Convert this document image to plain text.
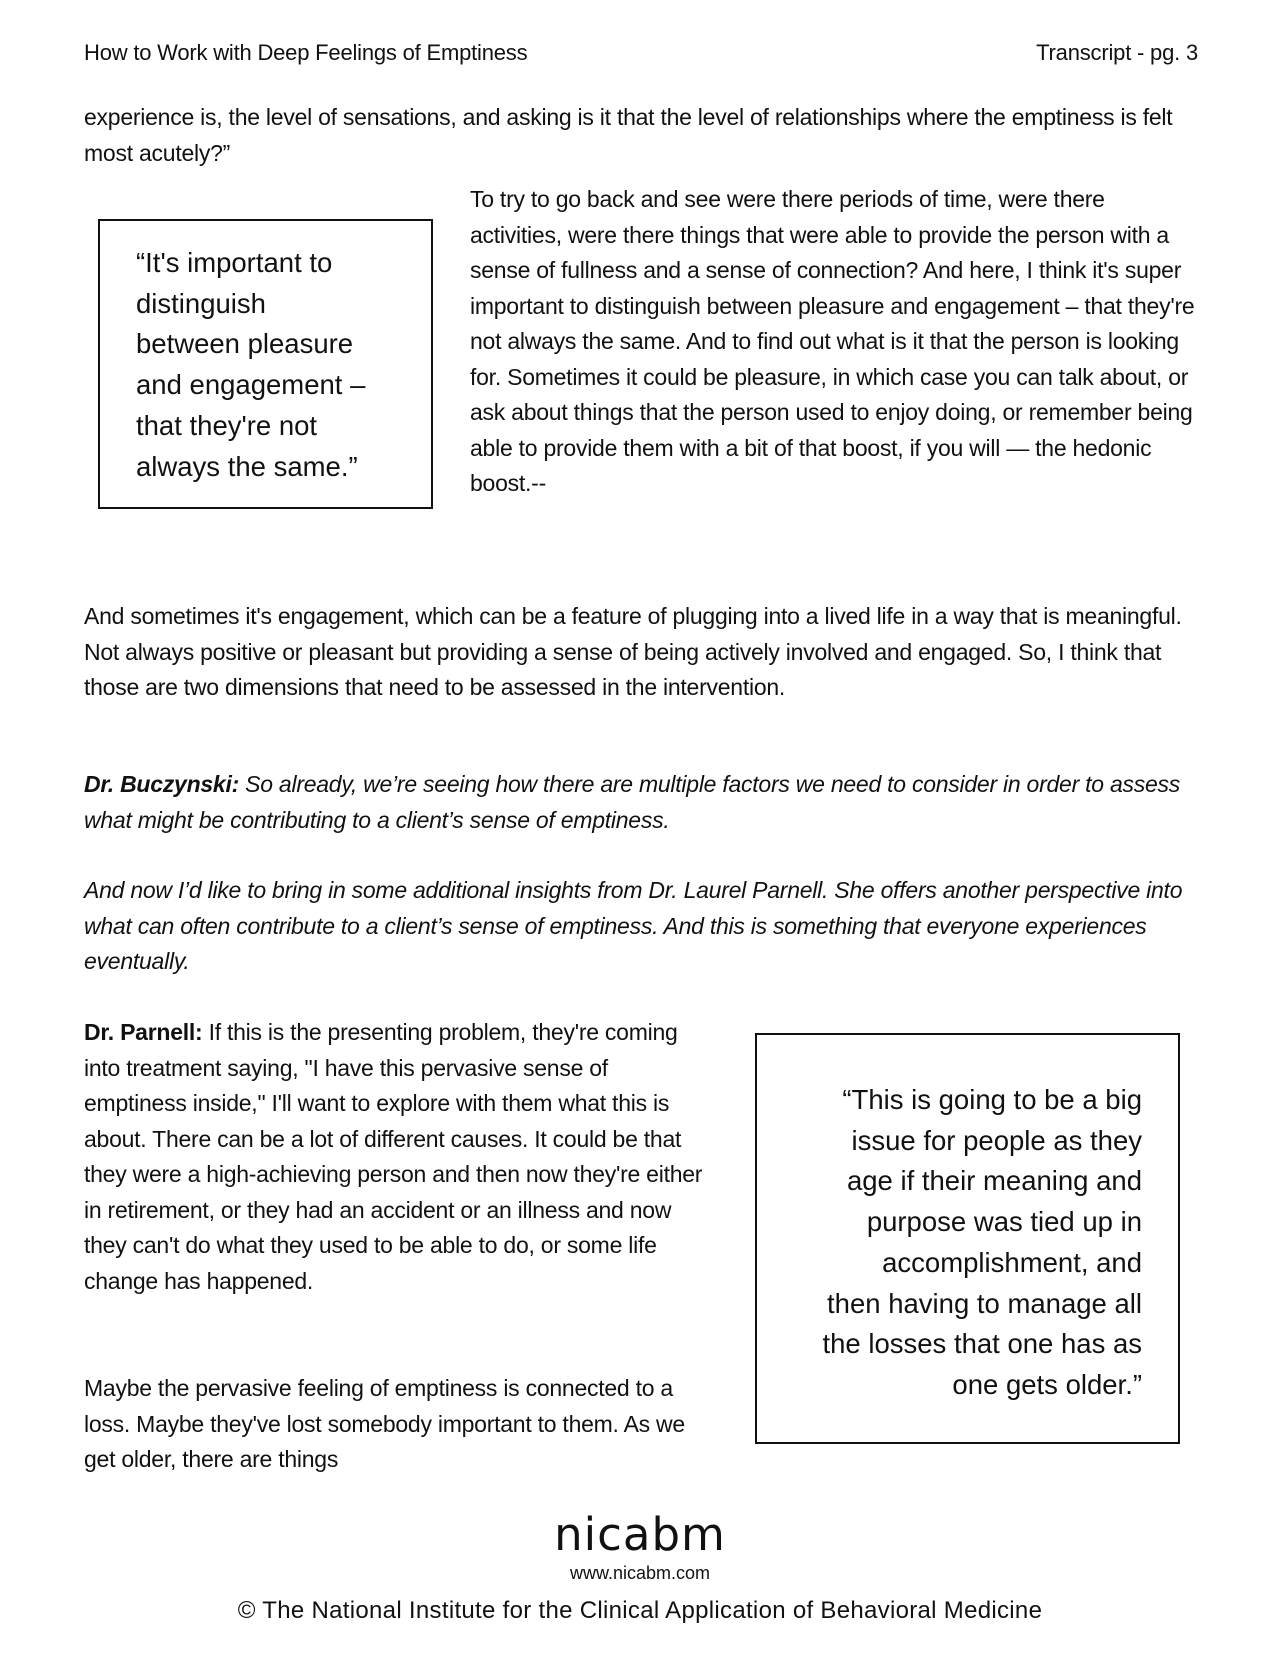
How to Work with Deep Feelings of Emptiness	Transcript - pg. 3

experience is, the level of sensations, and asking is it that the level of relationships where the emptiness is felt most acutely?”

“It's important to
distinguish
between pleasure
and engagement –
that they're not
always the same.”

To try to go back and see were there periods of time, were there activities, were there things that were able to provide the person with a sense of fullness and a sense of connection? And here, I think it's super important to distinguish between pleasure and engagement – that they're not always the same. And to find out what is it that the person is looking for. Sometimes it could be pleasure, in which case you can talk about, or ask about things that the person used to enjoy doing, or remember being able to provide them with a bit of that boost, if you will — the hedonic boost.--

And sometimes it's engagement, which can be a feature of plugging into a lived life in a way that is meaningful. Not always positive or pleasant but providing a sense of being actively involved and engaged. So, I think that those are two dimensions that need to be assessed in the intervention.

Dr. Buczynski: So already, we’re seeing how there are multiple factors we need to consider in order to assess what might be contributing to a client’s sense of emptiness.

And now I’d like to bring in some additional insights from Dr. Laurel Parnell. She offers another perspective into what can often contribute to a client’s sense of emptiness. And this is something that everyone experiences eventually.

Dr. Parnell: If this is the presenting problem, they're coming into treatment saying, "I have this pervasive sense of emptiness inside," I'll want to explore with them what this is about. There can be a lot of different causes. It could be that they were a high-achieving person and then now they're either in retirement, or they had an accident or an illness and now they can't do what they used to be able to do, or some life change has happened.

Maybe the pervasive feeling of emptiness is connected to a loss. Maybe they've lost somebody important to them. As we get older, there are things

“This is going to be a big
issue for people as they
age if their meaning and
purpose was tied up in
accomplishment, and
then having to manage all
the losses that one has as
one gets older.”
nicabm
www.nicabm.com
© The National Institute for the Clinical Application of Behavioral Medicine
